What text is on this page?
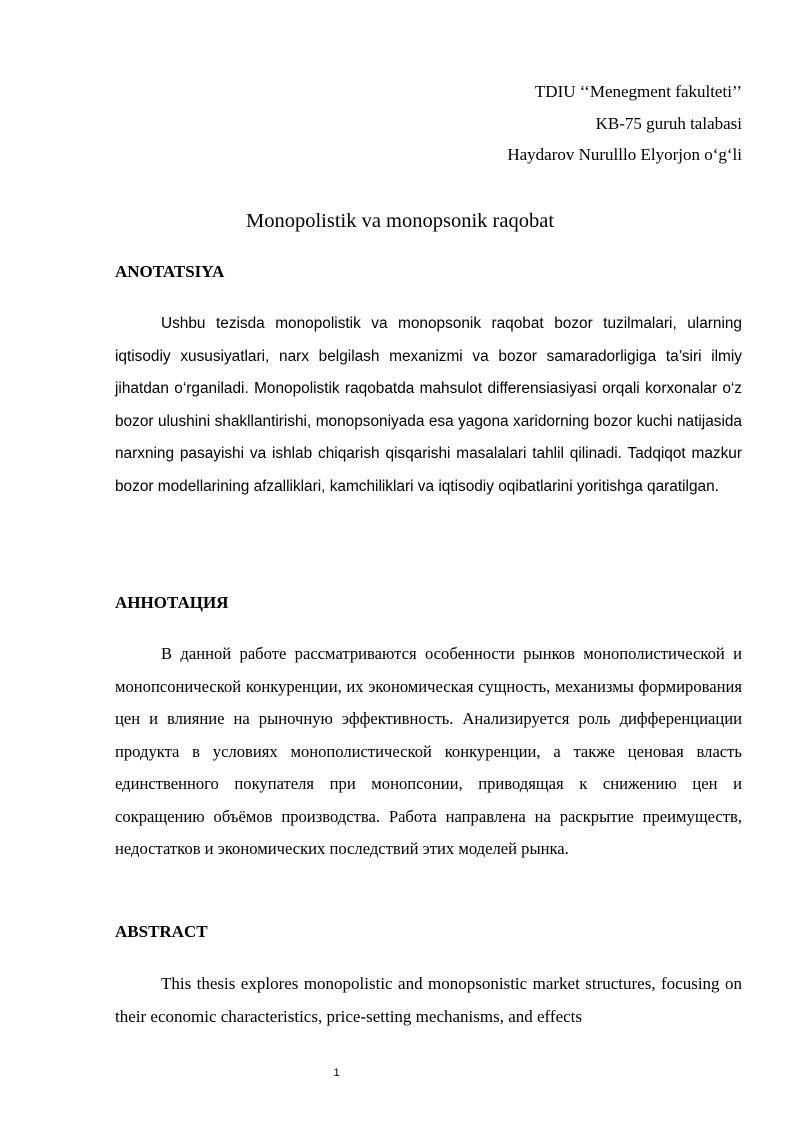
TDIU ‘‘Menegment fakulteti’’
KB-75 guruh talabasi
Haydarov Nurulllo Elyorjon o‘g‘li
Monopolistik va monopsonik raqobat
ANOTATSIYA

Ushbu tezisda monopolistik va monopsonik raqobat bozor tuzilmalari, ularning iqtisodiy xususiyatlari, narx belgilash mexanizmi va bozor samaradorligiga ta’siri ilmiy jihatdan o‘rganiladi. Monopolistik raqobatda mahsulot differensiasiyasi orqali korxonalar o‘z bozor ulushini shakllantirishi, monopsoniyada esa yagona xaridorning bozor kuchi natijasida narxning pasayishi va ishlab chiqarish qisqarishi masalalari tahlil qilinadi. Tadqiqot mazkur bozor modellarining afzalliklari, kamchiliklari va iqtisodiy oqibatlarini yoritishga qaratilgan.

АННОТАЦИЯ

В данной работе рассматриваются особенности рынков монополистической и монопсонической конкуренции, их экономическая сущность, механизмы формирования цен и влияние на рыночную эффективность. Анализируется роль дифференциации продукта в условиях монополистической конкуренции, а также ценовая власть единственного покупателя при монопсонии, приводящая к снижению цен и сокращению объёмов производства. Работа направлена на раскрытие преимуществ, недостатков и экономических последствий этих моделей рынка.

ABSTRACT

This thesis explores monopolistic and monopsonistic market structures, focusing on their economic characteristics, price-setting mechanisms, and effects

1
